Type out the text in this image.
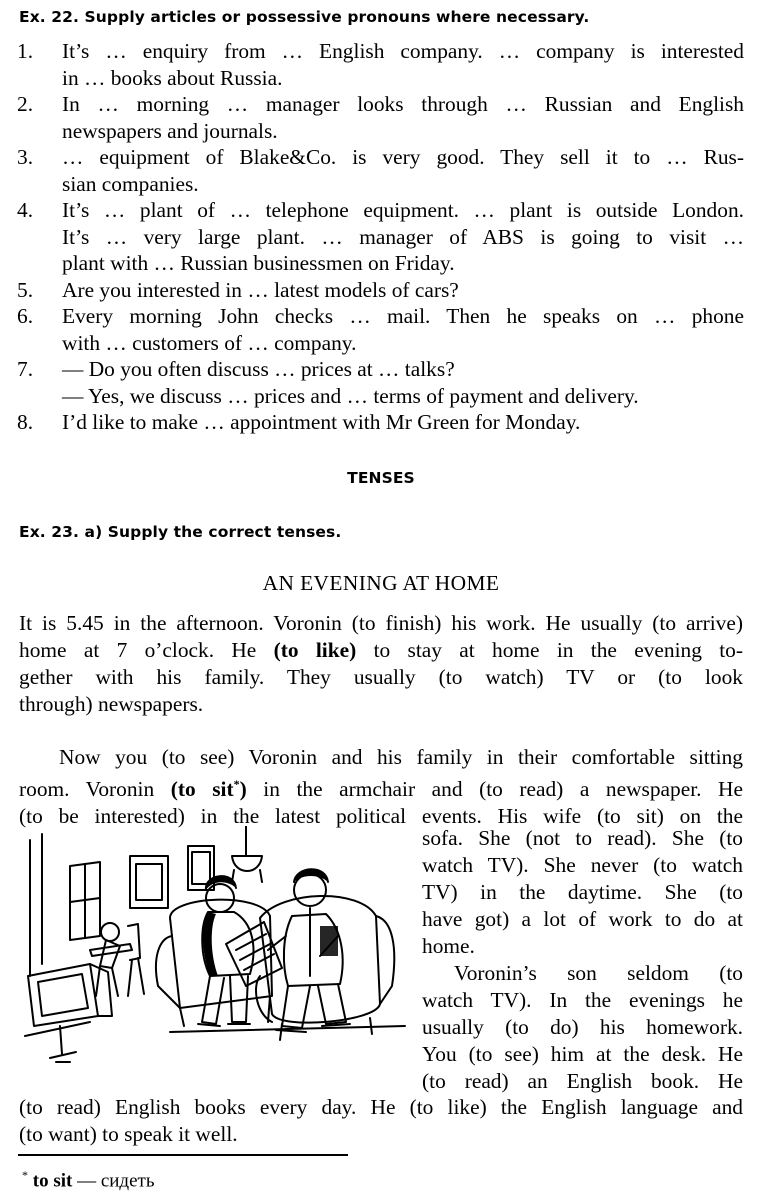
Ex. 22. Supply articles or possessive pronouns where necessary.
1. It’s … enquiry from … English company. … company is interested
in … books about Russia.
2. In … morning … manager looks through … Russian and English
newspapers and journals.
3. … equipment of Blake&Co. is very good. They sell it to … Rus-
sian companies.
4. It’s … plant of … telephone equipment. … plant is outside London.
It’s … very large plant. … manager of ABS is going to visit …
plant with … Russian businessmen on Friday.
5. Are you interested in … latest models of cars?
6. Every morning John checks … mail. Then he speaks on … phone
with … customers of … company.
7. — Do you often discuss … prices at … talks?
— Yes, we discuss … prices and … terms of payment and delivery.
8. I’d like to make … appointment with Mr Green for Monday.
TENSES
Ex. 23. a) Supply the correct tenses.
AN EVENING AT HOME
It is 5.45 in the afternoon. Voronin (to finish) his work. He usually (to arrive)
home at 7 o’clock. He (to like) to stay at home in the evening to-
gether with his family. They usually (to watch) TV or (to look
through) newspapers.
Now you (to see) Voronin and his family in their comfortable sitting
room. Voronin (to sit*) in the armchair and (to read) a newspaper. He
(to be interested) in the latest political events. His wife (to sit) on the
sofa. She (not to read). She (to
watch TV). She never (to watch
TV) in the daytime. She (to
have got) a lot of work to do at
home.
Voronin’s son seldom (to
watch TV). In the evenings he
usually (to do) his homework.
You (to see) him at the desk. He
(to read) an English book. He
(to read) English books every day. He (to like) the English language and
(to want) to speak it well.
* to sit — сидеть
